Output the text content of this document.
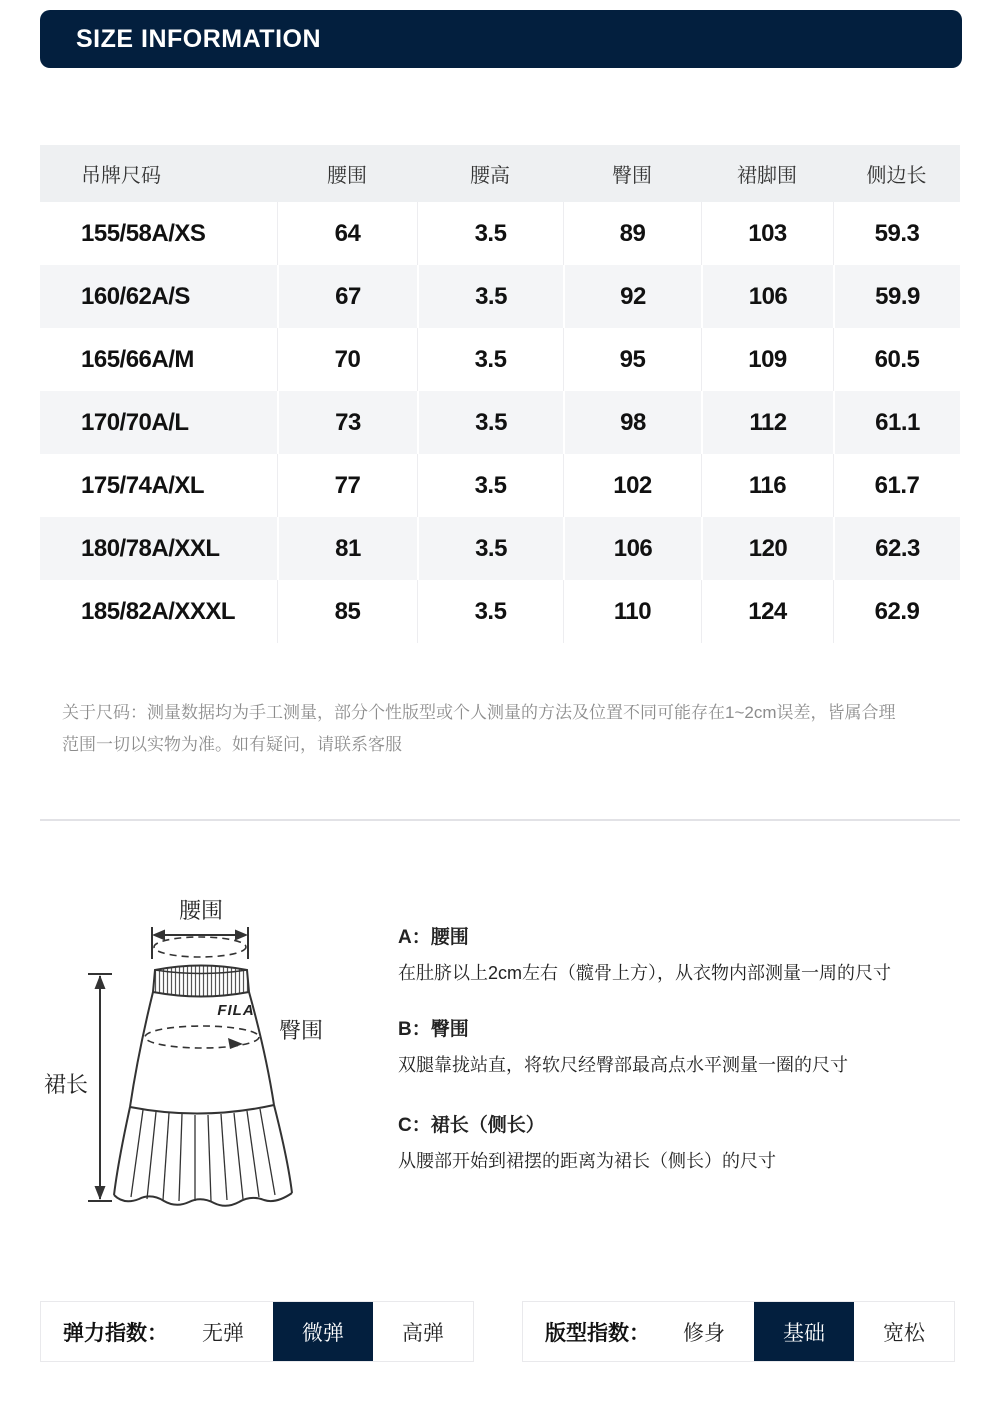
SIZE INFORMATION
吊牌尺码	腰围	腰高	臀围	裙脚围	侧边长
155/58A/XS	64	3.5	89	103	59.3
160/62A/S	67	3.5	92	106	59.9
165/66A/M	70	3.5	95	109	60.5
170/70A/L	73	3.5	98	112	61.1
175/74A/XL	77	3.5	102	116	61.7
180/78A/XXL	81	3.5	106	120	62.3
185/82A/XXXL	85	3.5	110	124	62.9
关于尺码：测量数据均为手工测量，部分个性版型或个人测量的方法及位置不同可能存在1~2cm误差，皆属合理
范围一切以实物为准。如有疑问，请联系客服
腰围
FILA
臀围
裙长
A：腰围
在肚脐以上2cm左右（髋骨上方），从衣物内部测量一周的尺寸
B：臀围
双腿靠拢站直，将软尺经臀部最高点水平测量一圈的尺寸
C：裙长（侧长）
从腰部开始到裙摆的距离为裙长（侧长）的尺寸
弹力指数：	无弹	微弹	高弹	版型指数：	修身	基础	宽松
